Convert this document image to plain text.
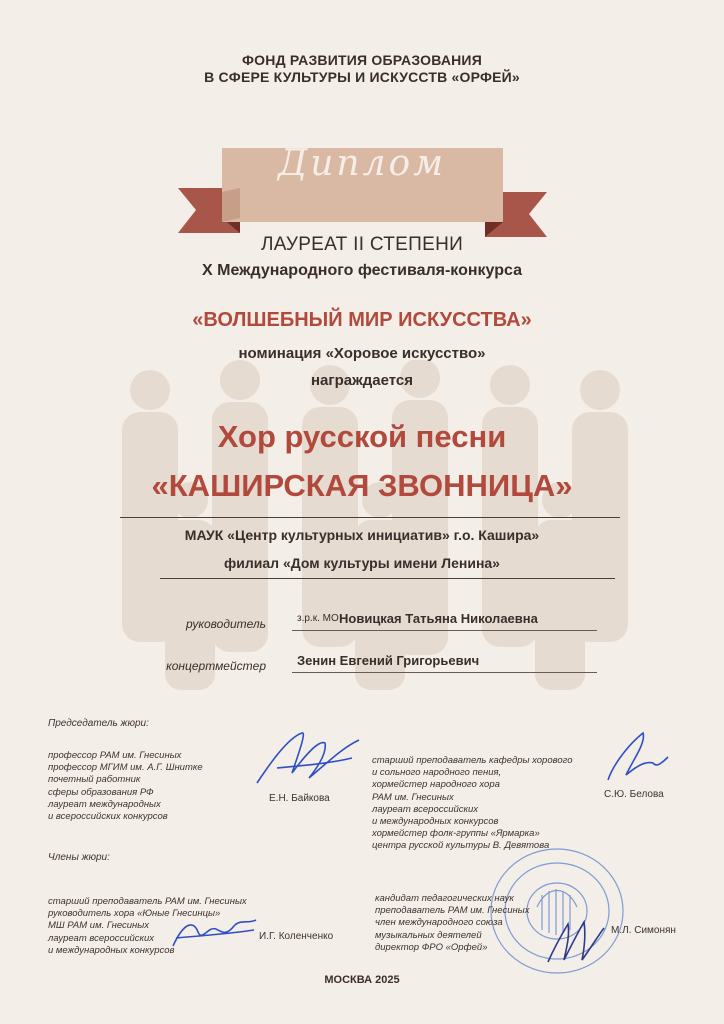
ФОНД РАЗВИТИЯ ОБРАЗОВАНИЯ
В СФЕРЕ КУЛЬТУРЫ И ИСКУССТВ «ОРФЕЙ»
Диплом
ЛАУРЕАТ II СТЕПЕНИ
X Международного фестиваля-конкурса
«ВОЛШЕБНЫЙ МИР ИСКУССТВА»
номинация «Хоровое искусство»
награждается
Хор русской песни
«КАШИРСКАЯ ЗВОННИЦА»
МАУК «Центр культурных инициатив» г.о. Кашира»
филиал «Дом культуры имени Ленина»
руководитель	з.р.к. МО Новицкая Татьяна Николаевна
концертмейстер Зенин Евгений Григорьевич
Председатель жюри:
профессор РАМ им. Гнесиных
профессор МГИМ им. А.Г. Шнитке
почетный работник
сферы образования РФ
лауреат международных
и всероссийских конкурсов
Е.Н. Байкова
старший преподаватель кафедры хорового
и сольного народного пения,
хормейстер народного хора
РАМ им. Гнесиных
лауреат всероссийских
и международных конкурсов
хормейстер фолк-группы «Ярмарка»
центра русской культуры В. Девятова
С.Ю. Белова
Члены жюри:
старший преподаватель РАМ им. Гнесиных
руководитель хора «Юные Гнесинцы»
МШ РАМ им. Гнесиных
лауреат всероссийских
и международных конкурсов
И.Г. Коленченко
кандидат педагогических наук
преподаватель РАМ им. Гнесиных
член международного союза
музыкальных деятелей
директор ФРО «Орфей»
М.Л. Симонян
МОСКВА 2025
